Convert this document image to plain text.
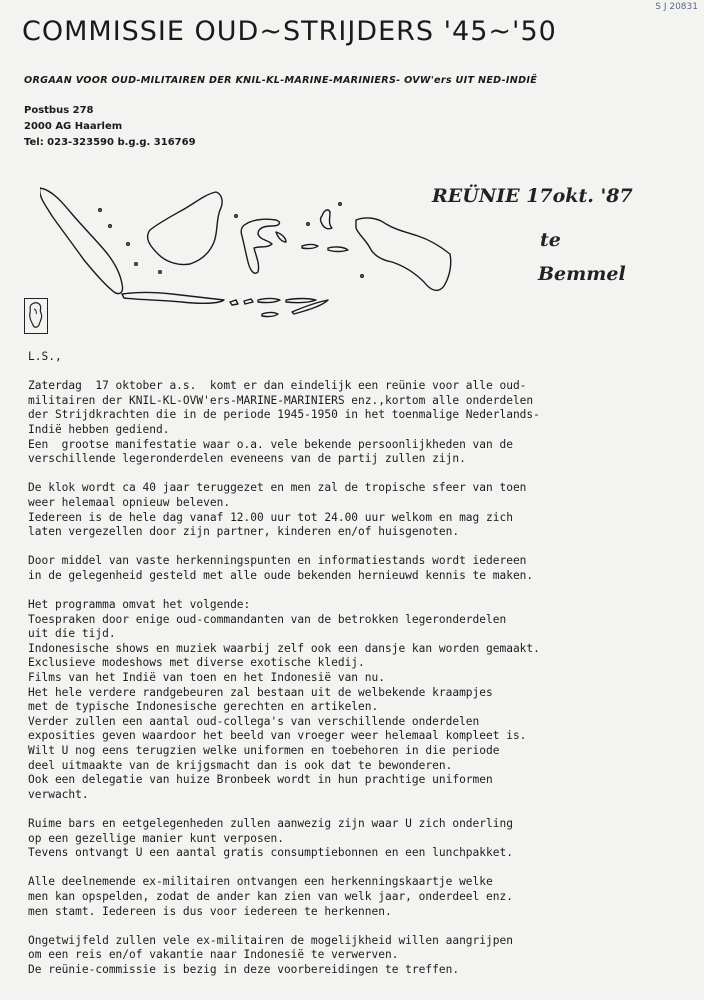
S J 20831
COMMISSIE OUD~STRIJDERS '45~'50
ORGAAN VOOR OUD-MILITAIREN DER KNIL-KL-MARINE-MARINIERS- OVW'ers UIT NED-INDIË
Postbus 278
2000 AG Haarlem
Tel: 023-323590 b.g.g. 316769
REÜNIE 17okt. '87
te
Bemmel

L.S.,

Zaterdag  17 oktober a.s.  komt er dan eindelijk een reünie voor alle oud-
militairen der KNIL-KL-OVW'ers-MARINE-MARINIERS enz.,kortom alle onderdelen
der Strijdkrachten die in de periode 1945-1950 in het toenmalige Nederlands-
Indië hebben gediend.
Een  grootse manifestatie waar o.a. vele bekende persoonlijkheden van de
verschillende legeronderdelen eveneens van de partij zullen zijn.

De klok wordt ca 40 jaar teruggezet en men zal de tropische sfeer van toen
weer helemaal opnieuw beleven.
Iedereen is de hele dag vanaf 12.00 uur tot 24.00 uur welkom en mag zich
laten vergezellen door zijn partner, kinderen en/of huisgenoten.

Door middel van vaste herkenningspunten en informatiestands wordt iedereen
in de gelegenheid gesteld met alle oude bekenden hernieuwd kennis te maken.

Het programma omvat het volgende:
Toespraken door enige oud-commandanten van de betrokken legeronderdelen
uit die tijd.
Indonesische shows en muziek waarbij zelf ook een dansje kan worden gemaakt.
Exclusieve modeshows met diverse exotische kledij.
Films van het Indië van toen en het Indonesië van nu.
Het hele verdere randgebeuren zal bestaan uit de welbekende kraampjes
met de typische Indonesische gerechten en artikelen.
Verder zullen een aantal oud-collega's van verschillende onderdelen
exposities geven waardoor het beeld van vroeger weer helemaal kompleet is.
Wilt U nog eens terugzien welke uniformen en toebehoren in die periode
deel uitmaakte van de krijgsmacht dan is ook dat te bewonderen.
Ook een delegatie van huize Bronbeek wordt in hun prachtige uniformen
verwacht.

Ruime bars en eetgelegenheden zullen aanwezig zijn waar U zich onderling
op een gezellige manier kunt verposen.
Tevens ontvangt U een aantal gratis consumptiebonnen en een lunchpakket.

Alle deelnemende ex-militairen ontvangen een herkenningskaartje welke
men kan opspelden, zodat de ander kan zien van welk jaar, onderdeel enz.
men stamt. Iedereen is dus voor iedereen te herkennen.

Ongetwijfeld zullen vele ex-militairen de mogelijkheid willen aangrijpen
om een reis en/of vakantie naar Indonesië te verwerven.
De reünie-commissie is bezig in deze voorbereidingen te treffen.
